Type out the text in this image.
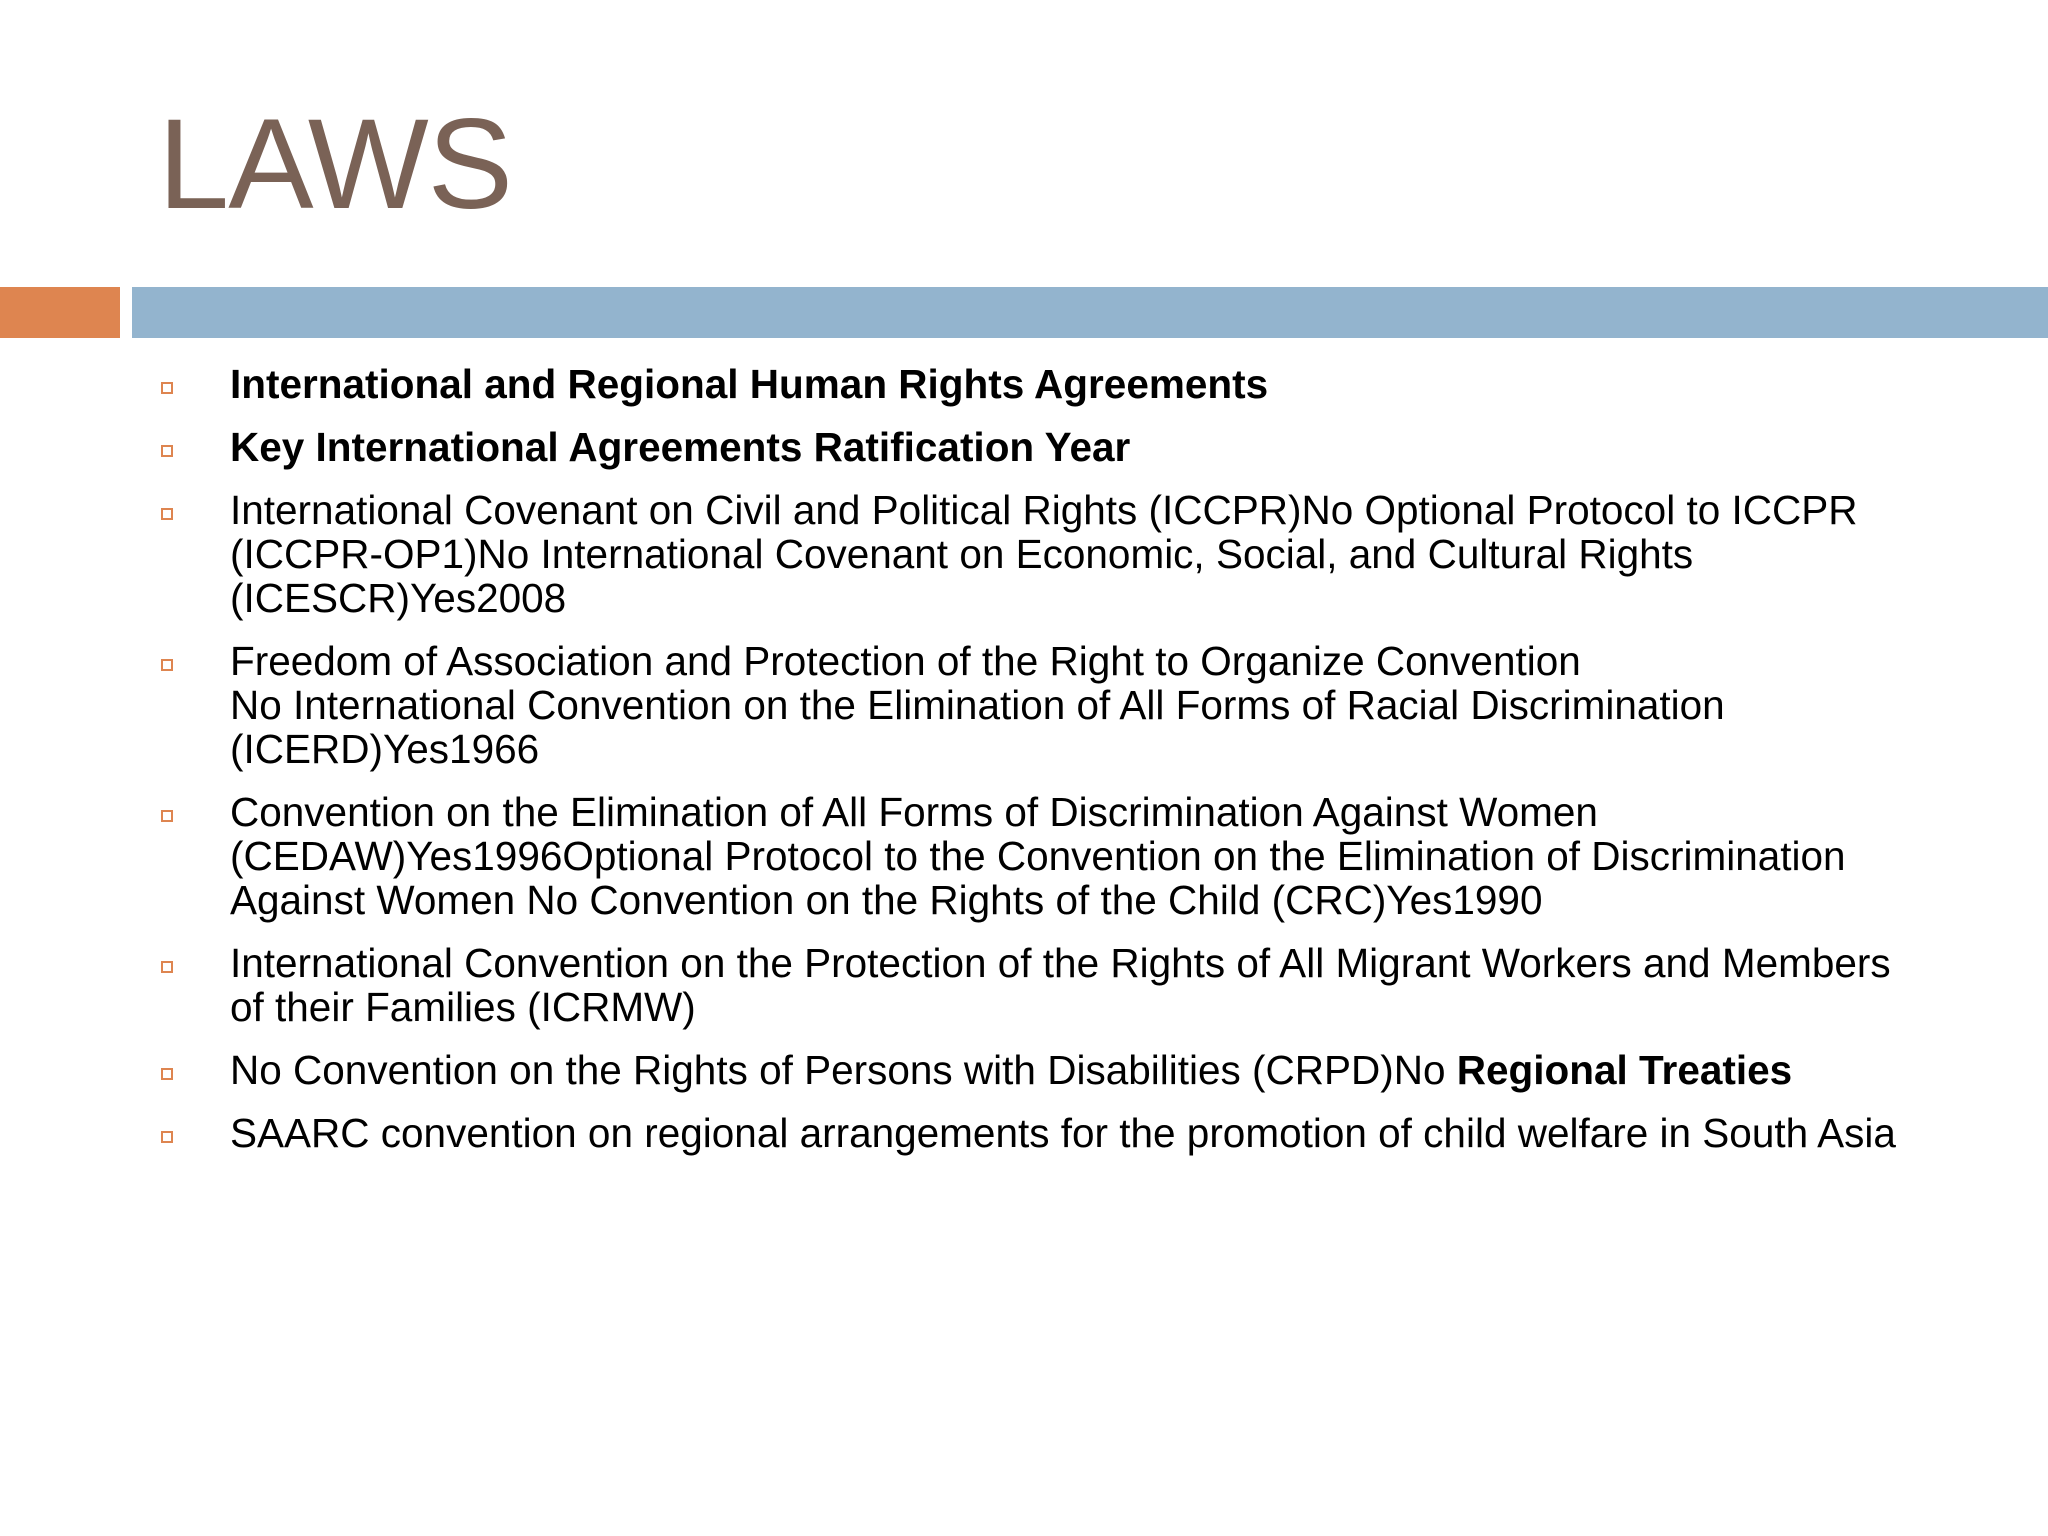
LAWS
International and Regional Human Rights Agreements
Key International Agreements Ratification Year
International Covenant on Civil and Political Rights (ICCPR)No Optional Protocol to ICCPR (ICCPR-OP1)No International Covenant on Economic, Social, and Cultural Rights (ICESCR)Yes2008
Freedom of Association and Protection of the Right to Organize Convention
No International Convention on the Elimination of All Forms of Racial Discrimination (ICERD)Yes1966
Convention on the Elimination of All Forms of Discrimination Against Women (CEDAW)Yes1996Optional Protocol to the Convention on the Elimination of Discrimination Against Women No Convention on the Rights of the Child (CRC)Yes1990
International Convention on the Protection of the Rights of All Migrant Workers and Members of their Families (ICRMW)
No Convention on the Rights of Persons with Disabilities (CRPD)No Regional Treaties
SAARC convention on regional arrangements for the promotion of child welfare in South Asia
